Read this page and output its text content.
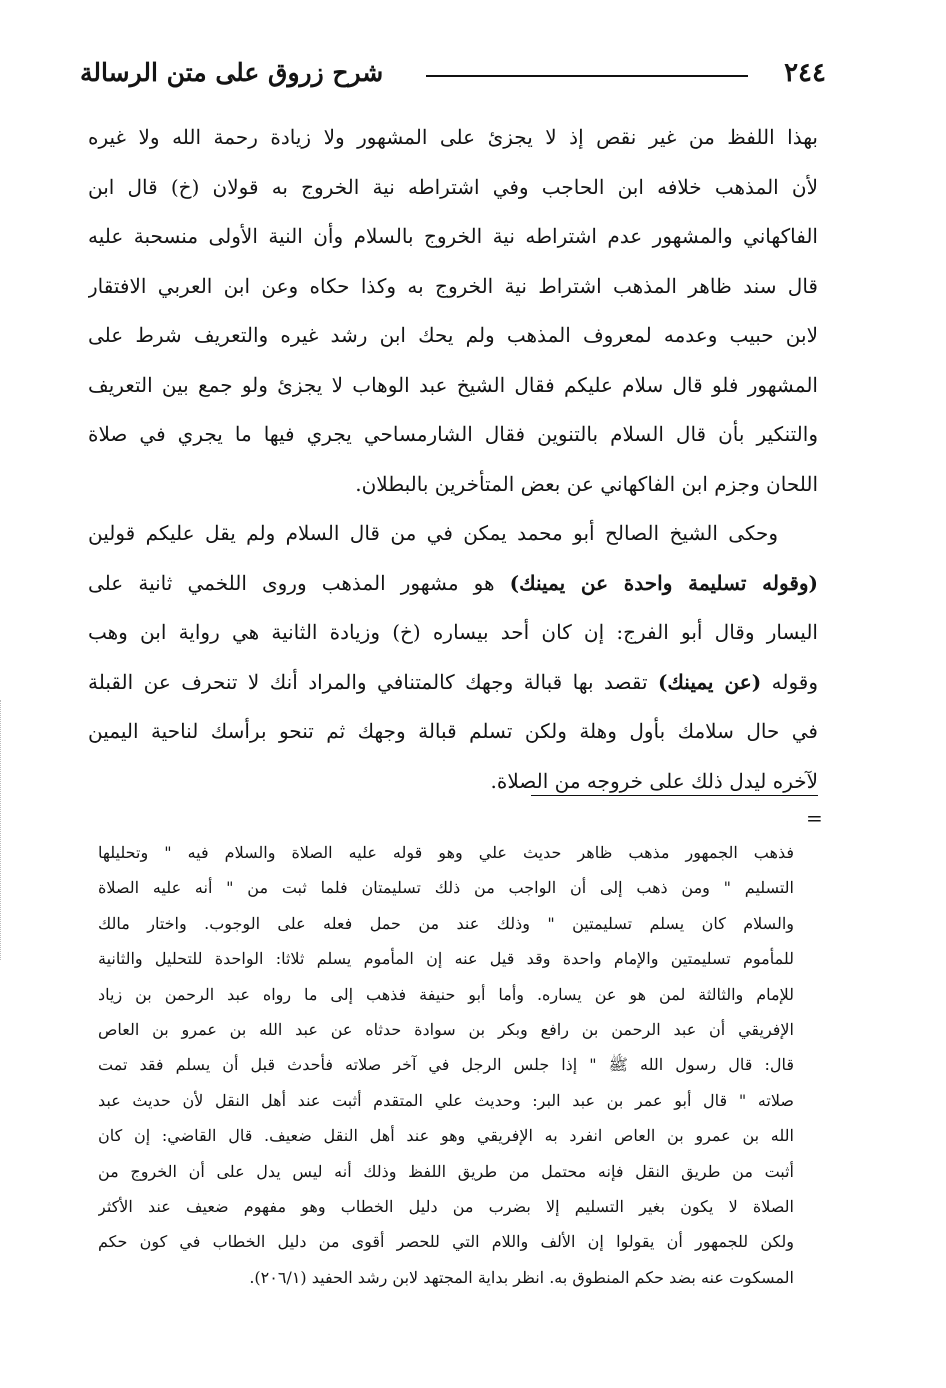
٢٤٤
شرح زروق على متن الرسالة
بهذا اللفظ من غير نقص إذ لا يجزئ على المشهور ولا زيادة رحمة الله ولا غيره
لأن المذهب خلافه ابن الحاجب وفي اشتراطه نية الخروج به قولان (خ) قال ابن
الفاكهاني والمشهور عدم اشتراطه نية الخروج بالسلام وأن النية الأولى منسحبة عليه
قال سند ظاهر المذهب اشتراط نية الخروج به وكذا حكاه وعن ابن العربي الافتقار
لابن حبيب وعدمه لمعروف المذهب ولم يحك ابن رشد غيره والتعريف شرط على
المشهور فلو قال سلام عليكم فقال الشيخ عبد الوهاب لا يجزئ ولو جمع بين التعريف
والتنكير بأن قال السلام بالتنوين فقال الشارمساحي يجري فيها ما يجري في صلاة
اللحان وجزم ابن الفاكهاني عن بعض المتأخرين بالبطلان.
وحكى الشيخ الصالح أبو محمد يمكن في من قال السلام ولم يقل عليكم قولين
(وقوله تسليمة واحدة عن يمينك) هو مشهور المذهب وروى اللخمي ثانية على
اليسار وقال أبو الفرج: إن كان أحد بيساره (خ) وزيادة الثانية هي رواية ابن وهب
وقوله (عن يمينك) تقصد بها قبالة وجهك كالمتنافي والمراد أنك لا تنحرف عن القبلة
في حال سلامك بأول وهلة ولكن تسلم قبالة وجهك ثم تنحو برأسك لناحية اليمين
لآخره ليدل ذلك على خروجه من الصلاة.
=
فذهب الجمهور مذهب ظاهر حديث علي وهو قوله عليه الصلاة والسلام فيه " وتحليلها
التسليم " ومن ذهب إلى أن الواجب من ذلك تسليمتان فلما ثبت من " أنه عليه الصلاة
والسلام كان يسلم تسليمتين " وذلك عند من حمل فعله على الوجوب. واختار مالك
للمأموم تسليمتين والإمام واحدة وقد قيل عنه إن المأموم يسلم ثلاثا: الواحدة للتحليل والثانية
للإمام والثالثة لمن هو عن يساره. وأما أبو حنيفة فذهب إلى ما رواه عبد الرحمن بن زياد
الإفريقي أن عبد الرحمن بن رافع وبكر بن سوادة حدثاه عن عبد الله بن عمرو بن العاص
قال: قال رسول الله ﷺ " إذا جلس الرجل في آخر صلاته فأحدث قبل أن يسلم فقد تمت
صلاته " قال أبو عمر بن عبد البر: وحديث علي المتقدم أثبت عند أهل النقل لأن حديث عبد
الله بن عمرو بن العاص انفرد به الإفريقي وهو عند أهل النقل ضعيف. قال القاضي: إن كان
أثبت من طريق النقل فإنه محتمل من طريق اللفظ وذلك أنه ليس يدل على أن الخروج من
الصلاة لا يكون بغير التسليم إلا بضرب من دليل الخطاب وهو مفهوم ضعيف عند الأكثر
ولكن للجمهور أن يقولوا إن الألف واللام التي للحصر أقوى من دليل الخطاب في كون حكم
المسكوت عنه بضد حكم المنطوق به. انظر بداية المجتهد لابن رشد الحفيد (٢٠٦/١).
